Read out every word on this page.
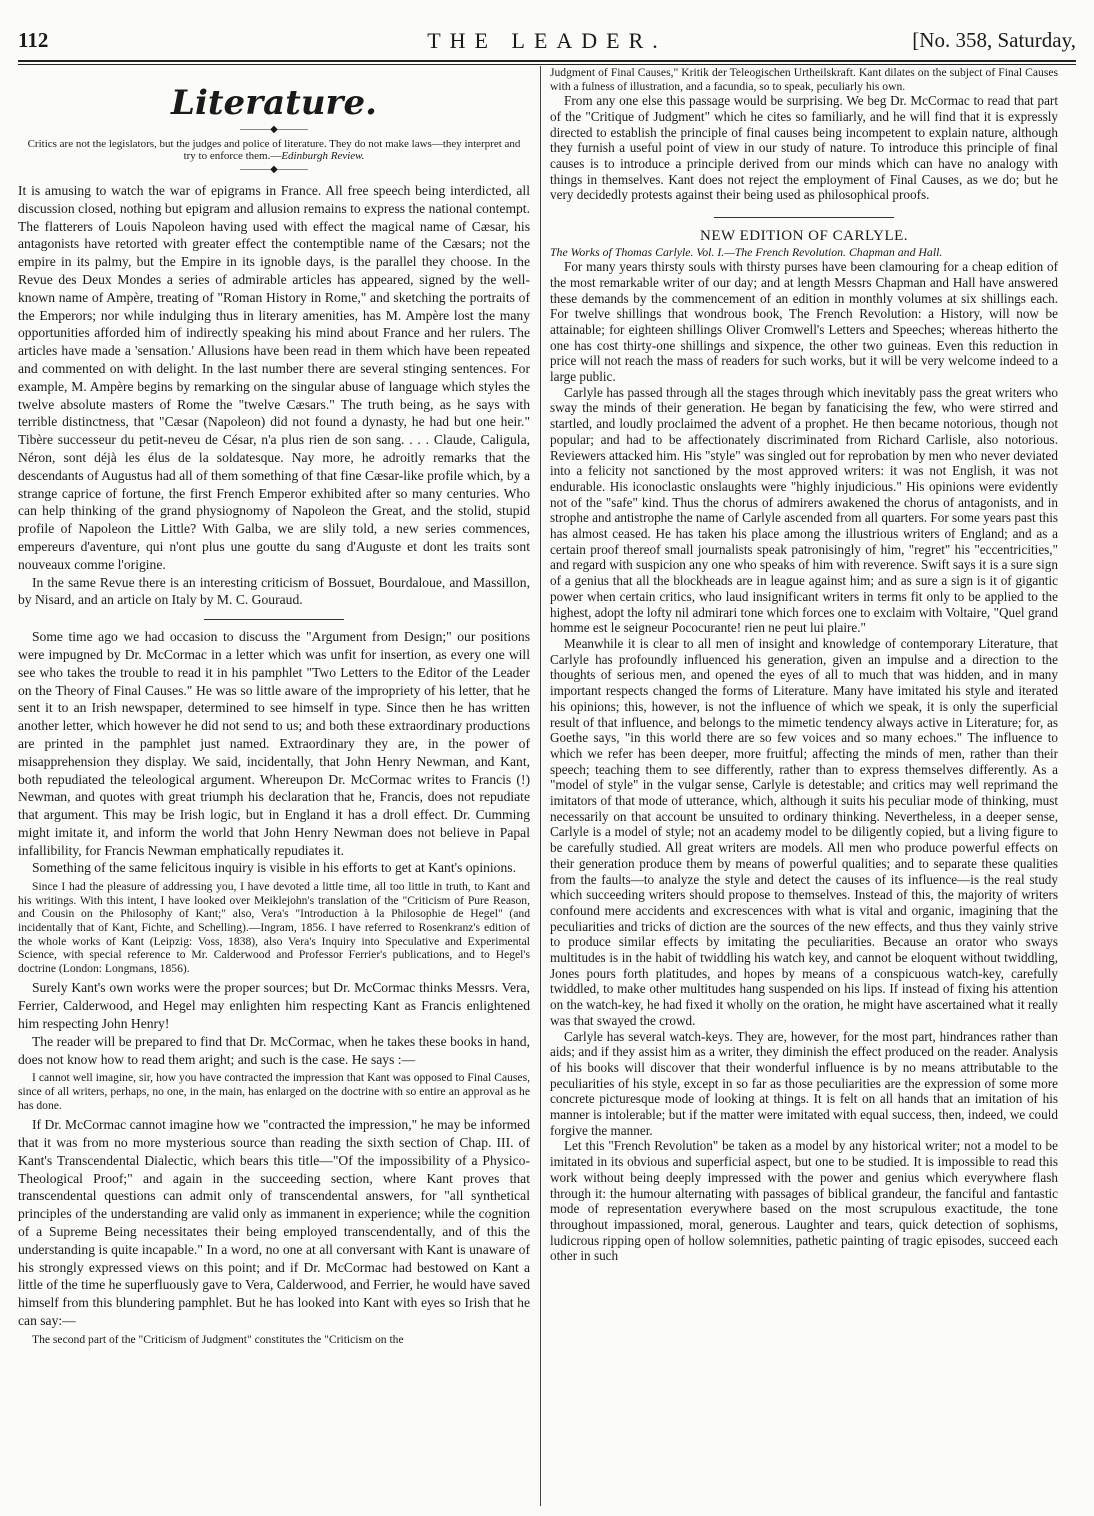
112	THE LEADER.	[No. 358, Saturday,
Literature.
———◆———
Critics are not the legislators, but the judges and police of literature. They do not make laws—they interpret and try to enforce them.—Edinburgh Review.
———◆———

It is amusing to watch the war of epigrams in France. All free speech being interdicted, all discussion closed, nothing but epigram and allusion remains to express the national contempt. The flatterers of Louis Napoleon having used with effect the magical name of Cæsar, his antagonists have retorted with greater effect the contemptible name of the Cæsars; not the empire in its palmy, but the Empire in its ignoble days, is the parallel they choose. In the Revue des Deux Mondes a series of admirable articles has appeared, signed by the well-known name of Ampère, treating of "Roman History in Rome," and sketching the portraits of the Emperors; nor while indulging thus in literary amenities, has M. Ampère lost the many opportunities afforded him of indirectly speaking his mind about France and her rulers. The articles have made a 'sensation.' Allusions have been read in them which have been repeated and commented on with delight. In the last number there are several stinging sentences. For example, M. Ampère begins by remarking on the singular abuse of language which styles the twelve absolute masters of Rome the "twelve Cæsars." The truth being, as he says with terrible distinctness, that "Cæsar (Napoleon) did not found a dynasty, he had but one heir." Tibère successeur du petit-neveu de César, n'a plus rien de son sang. . . . Claude, Caligula, Néron, sont déjà les élus de la soldatesque. Nay more, he adroitly remarks that the descendants of Augustus had all of them something of that fine Cæsar-like profile which, by a strange caprice of fortune, the first French Emperor exhibited after so many centuries. Who can help thinking of the grand physiognomy of Napoleon the Great, and the stolid, stupid profile of Napoleon the Little? With Galba, we are slily told, a new series commences, empereurs d'aventure, qui n'ont plus une goutte du sang d'Auguste et dont les traits sont nouveaux comme l'origine.

In the same Revue there is an interesting criticism of Bossuet, Bourdaloue, and Massillon, by Nisard, and an article on Italy by M. C. Gouraud.

Some time ago we had occasion to discuss the "Argument from Design;" our positions were impugned by Dr. McCormac in a letter which was unfit for insertion, as every one will see who takes the trouble to read it in his pamphlet "Two Letters to the Editor of the Leader on the Theory of Final Causes." He was so little aware of the impropriety of his letter, that he sent it to an Irish newspaper, determined to see himself in type. Since then he has written another letter, which however he did not send to us; and both these extraordinary productions are printed in the pamphlet just named. Extraordinary they are, in the power of misapprehension they display. We said, incidentally, that John Henry Newman, and Kant, both repudiated the teleological argument. Whereupon Dr. McCormac writes to Francis (!) Newman, and quotes with great triumph his declaration that he, Francis, does not repudiate that argument. This may be Irish logic, but in England it has a droll effect. Dr. Cumming might imitate it, and inform the world that John Henry Newman does not believe in Papal infallibility, for Francis Newman emphatically repudiates it.

Something of the same felicitous inquiry is visible in his efforts to get at Kant's opinions.

Since I had the pleasure of addressing you, I have devoted a little time, all too little in truth, to Kant and his writings. With this intent, I have looked over Meiklejohn's translation of the "Criticism of Pure Reason, and Cousin on the Philosophy of Kant;" also, Vera's "Introduction à la Philosophie de Hegel" (and incidentally that of Kant, Fichte, and Schelling).—Ingram, 1856. I have referred to Rosenkranz's edition of the whole works of Kant (Leipzig: Voss, 1838), also Vera's Inquiry into Speculative and Experimental Science, with special reference to Mr. Calderwood and Professor Ferrier's publications, and to Hegel's doctrine (London: Longmans, 1856).

Surely Kant's own works were the proper sources; but Dr. McCormac thinks Messrs. Vera, Ferrier, Calderwood, and Hegel may enlighten him respecting Kant as Francis enlightened him respecting John Henry!

The reader will be prepared to find that Dr. McCormac, when he takes these books in hand, does not know how to read them aright; and such is the case. He says :—

I cannot well imagine, sir, how you have contracted the impression that Kant was opposed to Final Causes, since of all writers, perhaps, no one, in the main, has enlarged on the doctrine with so entire an approval as he has done.

If Dr. McCormac cannot imagine how we "contracted the impression," he may be informed that it was from no more mysterious source than reading the sixth section of Chap. III. of Kant's Transcendental Dialectic, which bears this title—"Of the impossibility of a Physico-Theological Proof;" and again in the succeeding section, where Kant proves that transcendental questions can admit only of transcendental answers, for "all synthetical principles of the understanding are valid only as immanent in experience; while the cognition of a Supreme Being necessitates their being employed transcendentally, and of this the understanding is quite incapable." In a word, no one at all conversant with Kant is unaware of his strongly expressed views on this point; and if Dr. McCormac had bestowed on Kant a little of the time he superfluously gave to Vera, Calderwood, and Ferrier, he would have saved himself from this blundering pamphlet. But he has looked into Kant with eyes so Irish that he can say:—

The second part of the "Criticism of Judgment" constitutes the "Criticism on the

Judgment of Final Causes," Kritik der Teleogischen Urtheilskraft. Kant dilates on the subject of Final Causes with a fulness of illustration, and a facundia, so to speak, peculiarly his own.

From any one else this passage would be surprising. We beg Dr. McCormac to read that part of the "Critique of Judgment" which he cites so familiarly, and he will find that it is expressly directed to establish the principle of final causes being incompetent to explain nature, although they furnish a useful point of view in our study of nature. To introduce this principle of final causes is to introduce a principle derived from our minds which can have no analogy with things in themselves. Kant does not reject the employment of Final Causes, as we do; but he very decidedly protests against their being used as philosophical proofs.

NEW EDITION OF CARLYLE.
The Works of Thomas Carlyle. Vol. I.—The French Revolution. Chapman and Hall.

For many years thirsty souls with thirsty purses have been clamouring for a cheap edition of the most remarkable writer of our day; and at length Messrs Chapman and Hall have answered these demands by the commencement of an edition in monthly volumes at six shillings each. For twelve shillings that wondrous book, The French Revolution: a History, will now be attainable; for eighteen shillings Oliver Cromwell's Letters and Speeches; whereas hitherto the one has cost thirty-one shillings and sixpence, the other two guineas. Even this reduction in price will not reach the mass of readers for such works, but it will be very welcome indeed to a large public.

Carlyle has passed through all the stages through which inevitably pass the great writers who sway the minds of their generation. He began by fanaticising the few, who were stirred and startled, and loudly proclaimed the advent of a prophet. He then became notorious, though not popular; and had to be affectionately discriminated from Richard Carlisle, also notorious. Reviewers attacked him. His "style" was singled out for reprobation by men who never deviated into a felicity not sanctioned by the most approved writers: it was not English, it was not endurable. His iconoclastic onslaughts were "highly injudicious." His opinions were evidently not of the "safe" kind. Thus the chorus of admirers awakened the chorus of antagonists, and in strophe and antistrophe the name of Carlyle ascended from all quarters. For some years past this has almost ceased. He has taken his place among the illustrious writers of England; and as a certain proof thereof small journalists speak patronisingly of him, "regret" his "eccentricities," and regard with suspicion any one who speaks of him with reverence. Swift says it is a sure sign of a genius that all the blockheads are in league against him; and as sure a sign is it of gigantic power when certain critics, who laud insignificant writers in terms fit only to be applied to the highest, adopt the lofty nil admirari tone which forces one to exclaim with Voltaire, "Quel grand homme est le seigneur Pococurante! rien ne peut lui plaire."

Meanwhile it is clear to all men of insight and knowledge of contemporary Literature, that Carlyle has profoundly influenced his generation, given an impulse and a direction to the thoughts of serious men, and opened the eyes of all to much that was hidden, and in many important respects changed the forms of Literature. Many have imitated his style and iterated his opinions; this, however, is not the influence of which we speak, it is only the superficial result of that influence, and belongs to the mimetic tendency always active in Literature; for, as Goethe says, "in this world there are so few voices and so many echoes." The influence to which we refer has been deeper, more fruitful; affecting the minds of men, rather than their speech; teaching them to see differently, rather than to express themselves differently. As a "model of style" in the vulgar sense, Carlyle is detestable; and critics may well reprimand the imitators of that mode of utterance, which, although it suits his peculiar mode of thinking, must necessarily on that account be unsuited to ordinary thinking. Nevertheless, in a deeper sense, Carlyle is a model of style; not an academy model to be diligently copied, but a living figure to be carefully studied. All great writers are models. All men who produce powerful effects on their generation produce them by means of powerful qualities; and to separate these qualities from the faults—to analyze the style and detect the causes of its influence—is the real study which succeeding writers should propose to themselves. Instead of this, the majority of writers confound mere accidents and excrescences with what is vital and organic, imagining that the peculiarities and tricks of diction are the sources of the new effects, and thus they vainly strive to produce similar effects by imitating the peculiarities. Because an orator who sways multitudes is in the habit of twiddling his watch key, and cannot be eloquent without twiddling, Jones pours forth platitudes, and hopes by means of a conspicuous watch-key, carefully twiddled, to make other multitudes hang suspended on his lips. If instead of fixing his attention on the watch-key, he had fixed it wholly on the oration, he might have ascertained what it really was that swayed the crowd.

Carlyle has several watch-keys. They are, however, for the most part, hindrances rather than aids; and if they assist him as a writer, they diminish the effect produced on the reader. Analysis of his books will discover that their wonderful influence is by no means attributable to the peculiarities of his style, except in so far as those peculiarities are the expression of some more concrete picturesque mode of looking at things. It is felt on all hands that an imitation of his manner is intolerable; but if the matter were imitated with equal success, then, indeed, we could forgive the manner.

Let this "French Revolution" be taken as a model by any historical writer; not a model to be imitated in its obvious and superficial aspect, but one to be studied. It is impossible to read this work without being deeply impressed with the power and genius which everywhere flash through it: the humour alternating with passages of biblical grandeur, the fanciful and fantastic mode of representation everywhere based on the most scrupulous exactitude, the tone throughout impassioned, moral, generous. Laughter and tears, quick detection of sophisms, ludicrous ripping open of hollow solemnities, pathetic painting of tragic episodes, succeed each other in such
